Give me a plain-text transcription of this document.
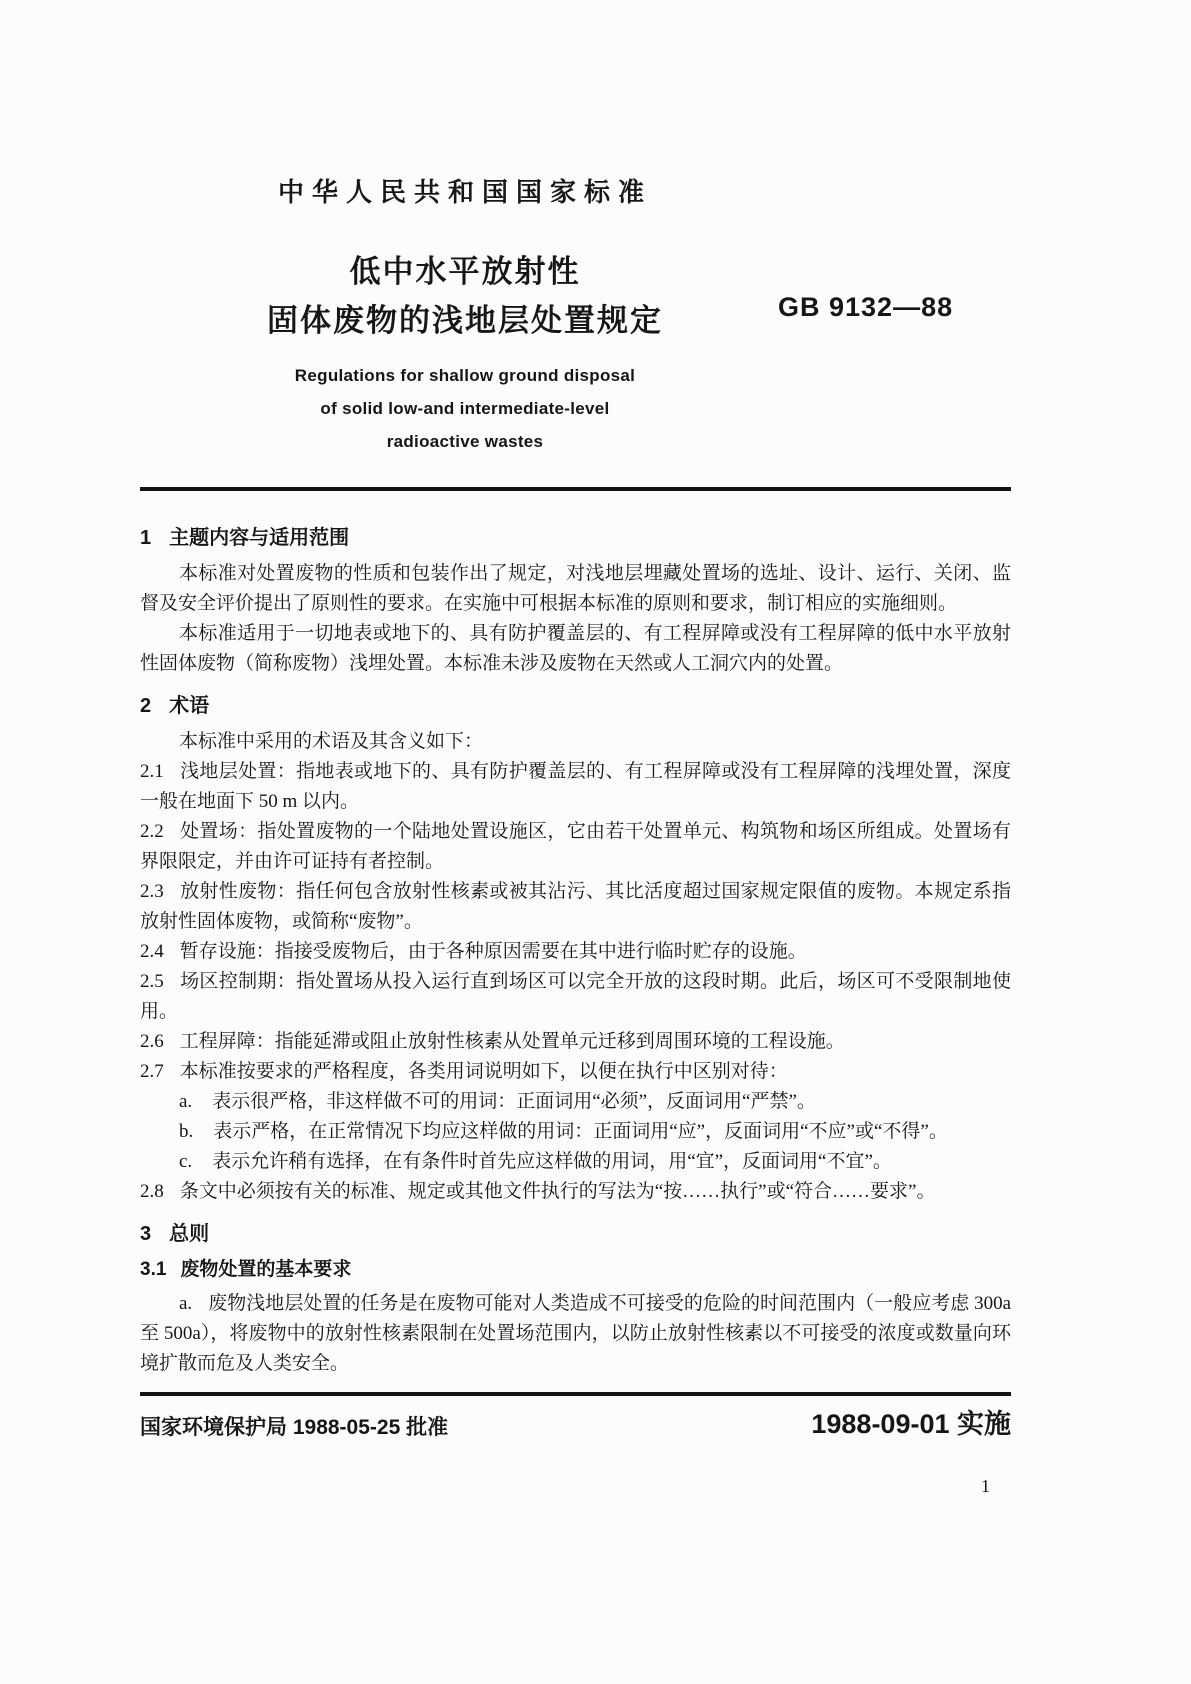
中华人民共和国国家标准
低中水平放射性
固体废物的浅地层处置规定
Regulations for shallow ground disposal
of solid low-and intermediate-level
radioactive wastes
GB 9132—88
1 主题内容与适用范围

本标准对处置废物的性质和包装作出了规定，对浅地层埋藏处置场的选址、设计、运行、关闭、监督及安全评价提出了原则性的要求。在实施中可根据本标准的原则和要求，制订相应的实施细则。

本标准适用于一切地表或地下的、具有防护覆盖层的、有工程屏障或没有工程屏障的低中水平放射性固体废物（简称废物）浅埋处置。本标准未涉及废物在天然或人工洞穴内的处置。

2 术语

本标准中采用的术语及其含义如下：

2.1 浅地层处置：指地表或地下的、具有防护覆盖层的、有工程屏障或没有工程屏障的浅埋处置，深度一般在地面下 50 m 以内。

2.2 处置场：指处置废物的一个陆地处置设施区，它由若干处置单元、构筑物和场区所组成。处置场有界限限定，并由许可证持有者控制。

2.3 放射性废物：指任何包含放射性核素或被其沾污、其比活度超过国家规定限值的废物。本规定系指放射性固体废物，或简称“废物”。

2.4 暂存设施：指接受废物后，由于各种原因需要在其中进行临时贮存的设施。

2.5 场区控制期：指处置场从投入运行直到场区可以完全开放的这段时期。此后，场区可不受限制地使用。

2.6 工程屏障：指能延滞或阻止放射性核素从处置单元迁移到周围环境的工程设施。

2.7 本标准按要求的严格程度，各类用词说明如下，以便在执行中区别对待：

a. 表示很严格，非这样做不可的用词：正面词用“必须”，反面词用“严禁”。

b. 表示严格，在正常情况下均应这样做的用词：正面词用“应”，反面词用“不应”或“不得”。

c. 表示允许稍有选择，在有条件时首先应这样做的用词，用“宜”，反面词用“不宜”。

2.8 条文中必须按有关的标准、规定或其他文件执行的写法为“按……执行”或“符合……要求”。

3 总则

3.1 废物处置的基本要求

a. 废物浅地层处置的任务是在废物可能对人类造成不可接受的危险的时间范围内（一般应考虑 300a 至 500a），将废物中的放射性核素限制在处置场范围内，以防止放射性核素以不可接受的浓度或数量向环境扩散而危及人类安全。

国家环境保护局 1988-05-25 批准	1988-09-01 实施
1
